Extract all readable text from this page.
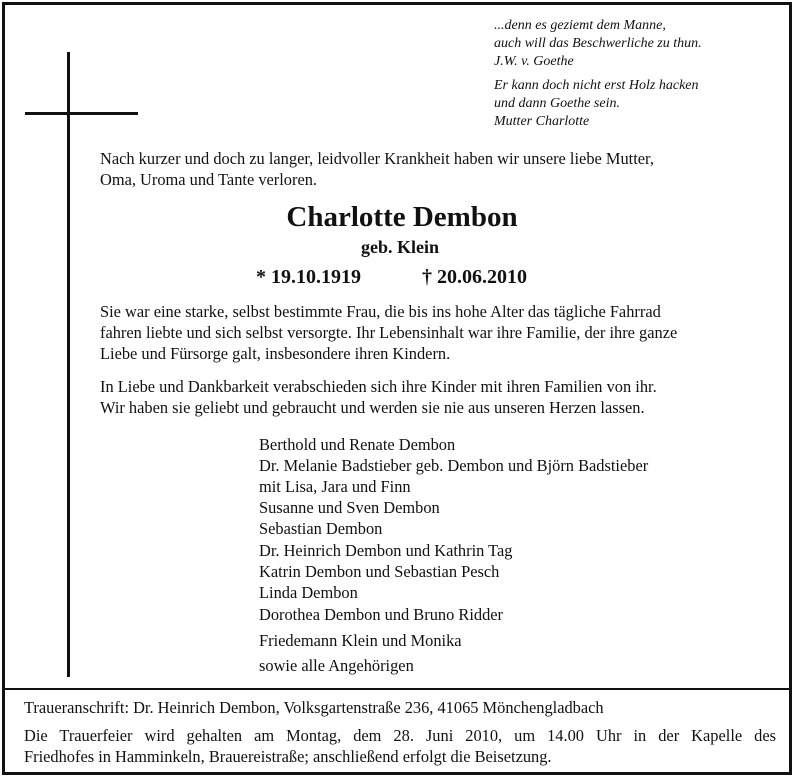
...denn es geziemt dem Manne,
auch will das Beschwerliche zu thun.
J.W. v. Goethe
Er kann doch nicht erst Holz hacken
und dann Goethe sein.
Mutter Charlotte
Nach kurzer und doch zu langer, leidvoller Krankheit haben wir unsere liebe Mutter,
Oma, Uroma und Tante verloren.
Charlotte Dembon
geb. Klein
* 19.10.1919	† 20.06.2010
Sie war eine starke, selbst bestimmte Frau, die bis ins hohe Alter das tägliche Fahrrad
fahren liebte und sich selbst versorgte. Ihr Lebensinhalt war ihre Familie, der ihre ganze
Liebe und Fürsorge galt, insbesondere ihren Kindern.
In Liebe und Dankbarkeit verabschieden sich ihre Kinder mit ihren Familien von ihr.
Wir haben sie geliebt und gebraucht und werden sie nie aus unseren Herzen lassen.
Berthold und Renate Dembon
Dr. Melanie Badstieber geb. Dembon und Björn Badstieber
mit Lisa, Jara und Finn
Susanne und Sven Dembon
Sebastian Dembon
Dr. Heinrich Dembon und Kathrin Tag
Katrin Dembon und Sebastian Pesch
Linda Dembon
Dorothea Dembon und Bruno Ridder
Friedemann Klein und Monika
sowie alle Angehörigen
Traueranschrift: Dr. Heinrich Dembon, Volksgartenstraße 236, 41065 Mönchengladbach
Die Trauerfeier wird gehalten am Montag, dem 28. Juni 2010, um 14.00 Uhr in der Kapelle des
Friedhofes in Hamminkeln, Brauereistraße; anschließend erfolgt die Beisetzung.
